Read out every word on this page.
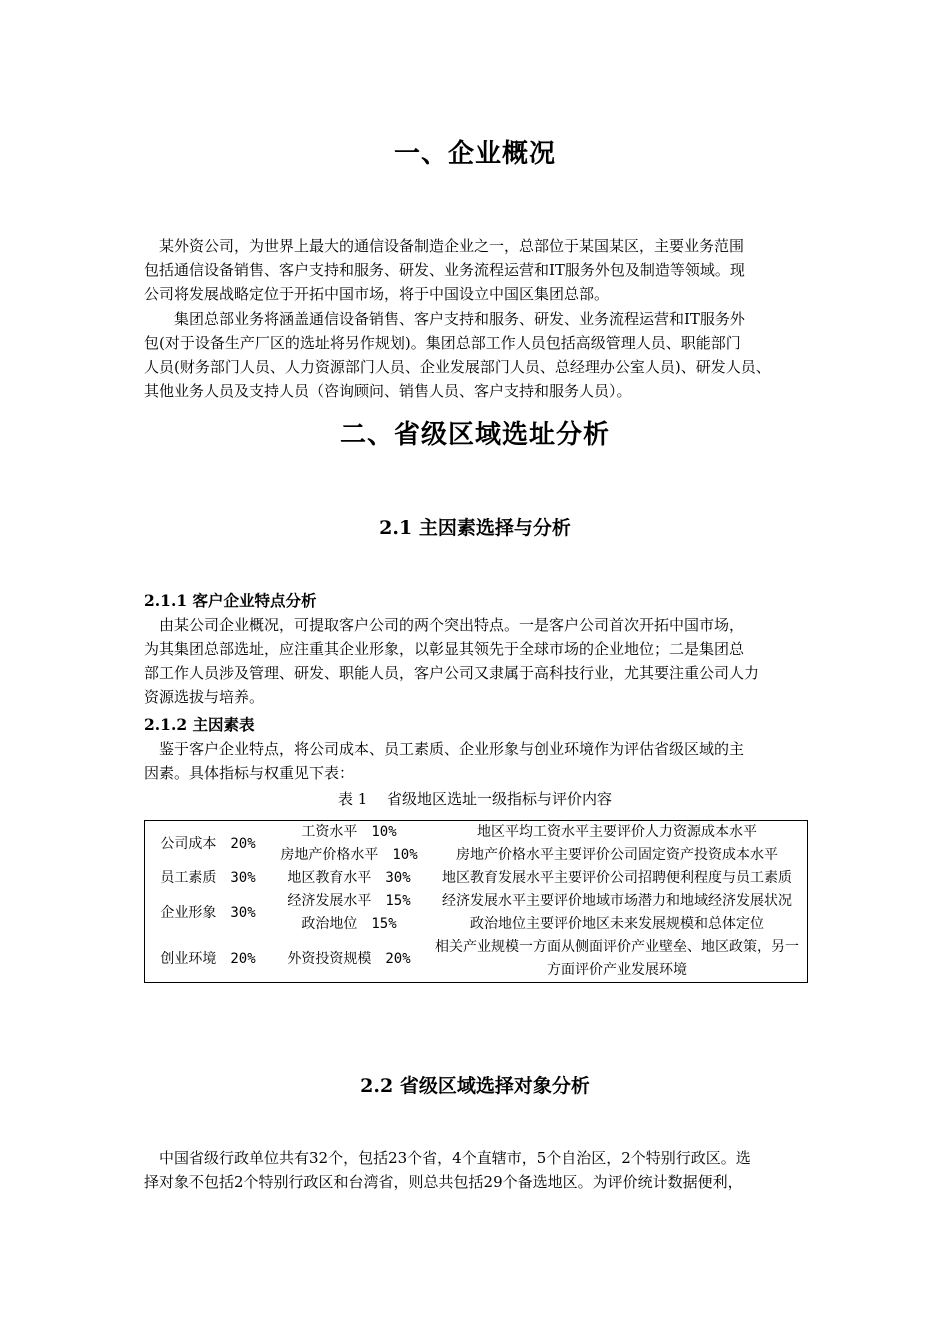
一、企业概况
　某外资公司，为世界上最大的通信设备制造企业之一，总部位于某国某区，主要业务范围
包括通信设备销售、客户支持和服务、研发、业务流程运营和IT服务外包及制造等领域。现
公司将发展战略定位于开拓中国市场，将于中国设立中国区集团总部。
　　集团总部业务将涵盖通信设备销售、客户支持和服务、研发、业务流程运营和IT服务外
包(对于设备生产厂区的选址将另作规划)。集团总部工作人员包括高级管理人员、职能部门
人员(财务部门人员、人力资源部门人员、企业发展部门人员、总经理办公室人员)、研发人员、
其他业务人员及支持人员（咨询顾问、销售人员、客户支持和服务人员）。
二、省级区域选址分析
2.1 主因素选择与分析
2.1.1 客户企业特点分析
　由某公司企业概况，可提取客户公司的两个突出特点。一是客户公司首次开拓中国市场，
为其集团总部选址，应注重其企业形象，以彰显其领先于全球市场的企业地位；二是集团总
部工作人员涉及管理、研发、职能人员，客户公司又隶属于高科技行业，尤其要注重公司人力
资源选拔与培养。
2.1.2 主因素表
　鉴于客户企业特点，将公司成本、员工素质、企业形象与创业环境作为评估省级区域的主
因素。具体指标与权重见下表：
表 1　 省级地区选址一级指标与评价内容
公司成本　20%	工资水平　10%	地区平均工资水平主要评价人力资源成本水平
	房地产价格水平　10%	房地产价格水平主要评价公司固定资产投资成本水平
员工素质　30%	地区教育水平　30%	地区教育发展水平主要评价公司招聘便利程度与员工素质
企业形象　30%	经济发展水平　15%	经济发展水平主要评价地域市场潜力和地域经济发展状况
	政治地位　15%	政治地位主要评价地区未来发展规模和总体定位
创业环境　20%	外资投资规模　20%	相关产业规模一方面从侧面评价产业壁垒、地区政策，另一方面评价产业发展环境
2.2 省级区域选择对象分析
　中国省级行政单位共有32个，包括23个省，4个直辖市，5个自治区，2个特别行政区。选
择对象不包括2个特别行政区和台湾省，则总共包括29个备选地区。为评价统计数据便利，
